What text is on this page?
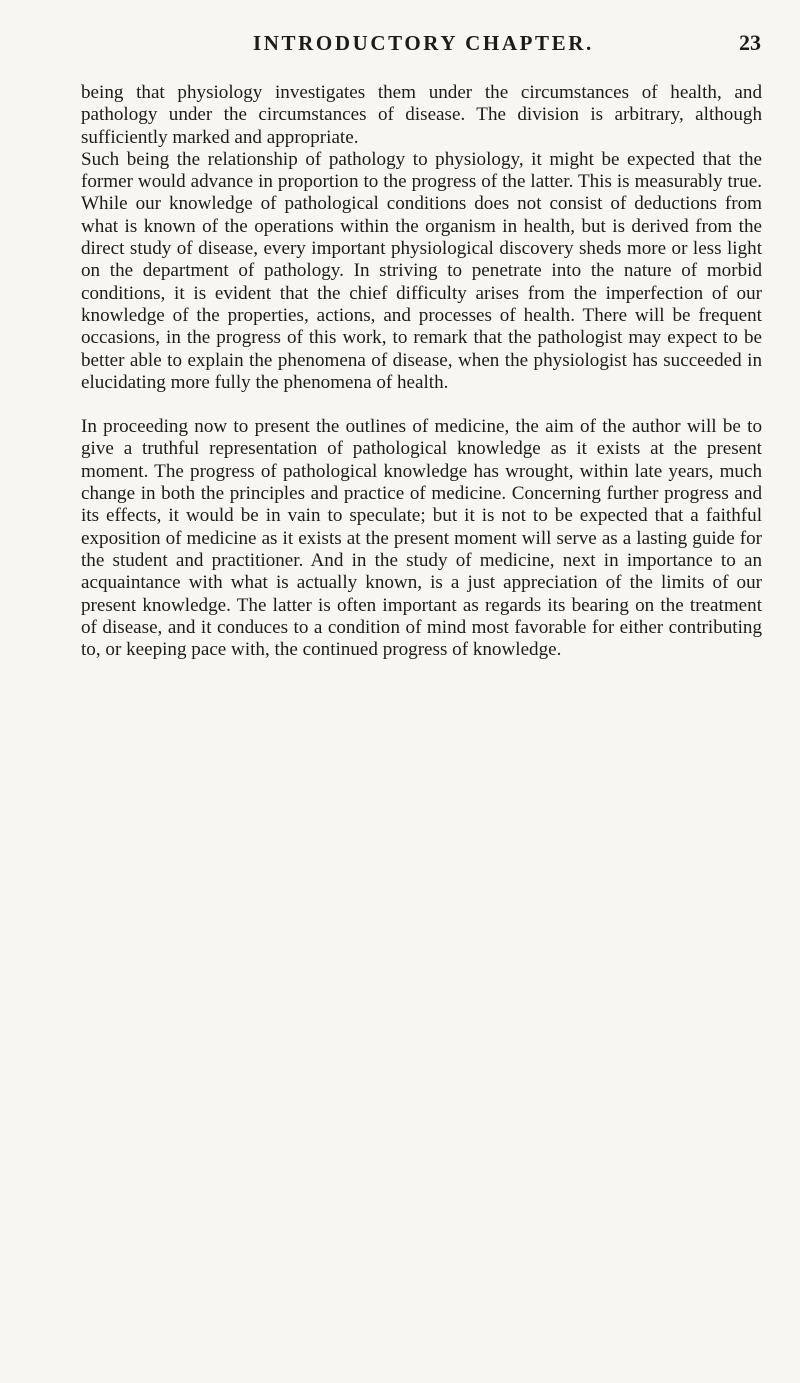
INTRODUCTORY CHAPTER.	23

being that physiology investigates them under the circumstances of health, and pathology under the circumstances of disease. The division is arbitrary, although sufficiently marked and appropriate.

Such being the relationship of pathology to physiology, it might be expected that the former would advance in proportion to the progress of the latter. This is measurably true. While our knowledge of pathological conditions does not consist of deductions from what is known of the operations within the organism in health, but is derived from the direct study of disease, every important physiological discovery sheds more or less light on the department of pathology. In striving to penetrate into the nature of morbid conditions, it is evident that the chief difficulty arises from the imperfection of our knowledge of the properties, actions, and processes of health. There will be frequent occasions, in the progress of this work, to remark that the pathologist may expect to be better able to explain the phenomena of disease, when the physiologist has succeeded in elucidating more fully the phenomena of health.

In proceeding now to present the outlines of medicine, the aim of the author will be to give a truthful representation of pathological knowledge as it exists at the present moment. The progress of pathological knowledge has wrought, within late years, much change in both the principles and practice of medicine. Concerning further progress and its effects, it would be in vain to speculate; but it is not to be expected that a faithful exposition of medicine as it exists at the present moment will serve as a lasting guide for the student and practitioner. And in the study of medicine, next in importance to an acquaintance with what is actually known, is a just appreciation of the limits of our present knowledge. The latter is often important as regards its bearing on the treatment of disease, and it conduces to a condition of mind most favorable for either contributing to, or keeping pace with, the continued progress of knowledge.
